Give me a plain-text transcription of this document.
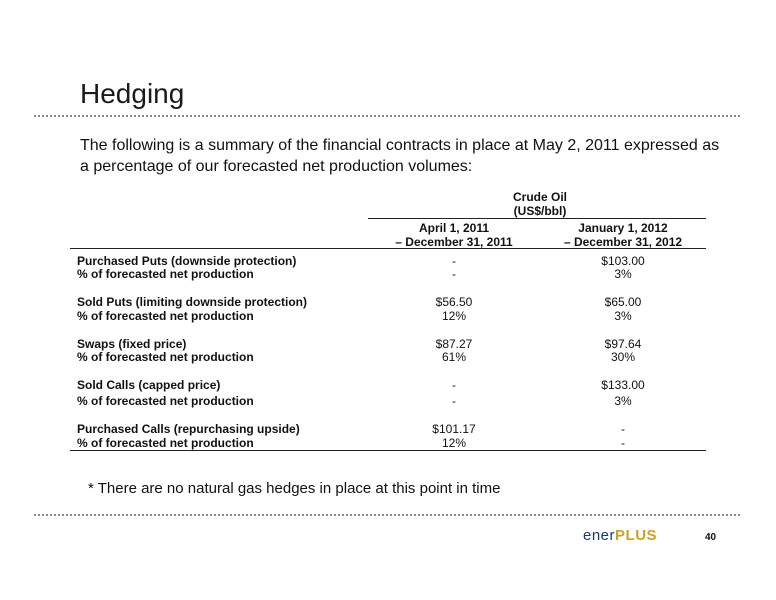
Hedging
The following is a summary of the financial contracts in place at May 2, 2011 expressed as a percentage of our forecasted net production volumes:
Crude Oil
(US$/bbl)
April 1, 2011
– December 31, 2011
January 1, 2012
– December 31, 2012
Purchased Puts (downside protection)	-	$103.00
% of forecasted net production	-	3%
Sold Puts (limiting downside protection)	$56.50	$65.00
% of forecasted net production	12%	3%
Swaps (fixed price)	$87.27	$97.64
% of forecasted net production	61%	30%
Sold Calls (capped price)	-	$133.00
% of forecasted net production	-	3%
Purchased Calls (repurchasing upside)	$101.17	-
% of forecasted net production	12%	-
* There are no natural gas hedges in place at this point in time
enerPLUS	40
